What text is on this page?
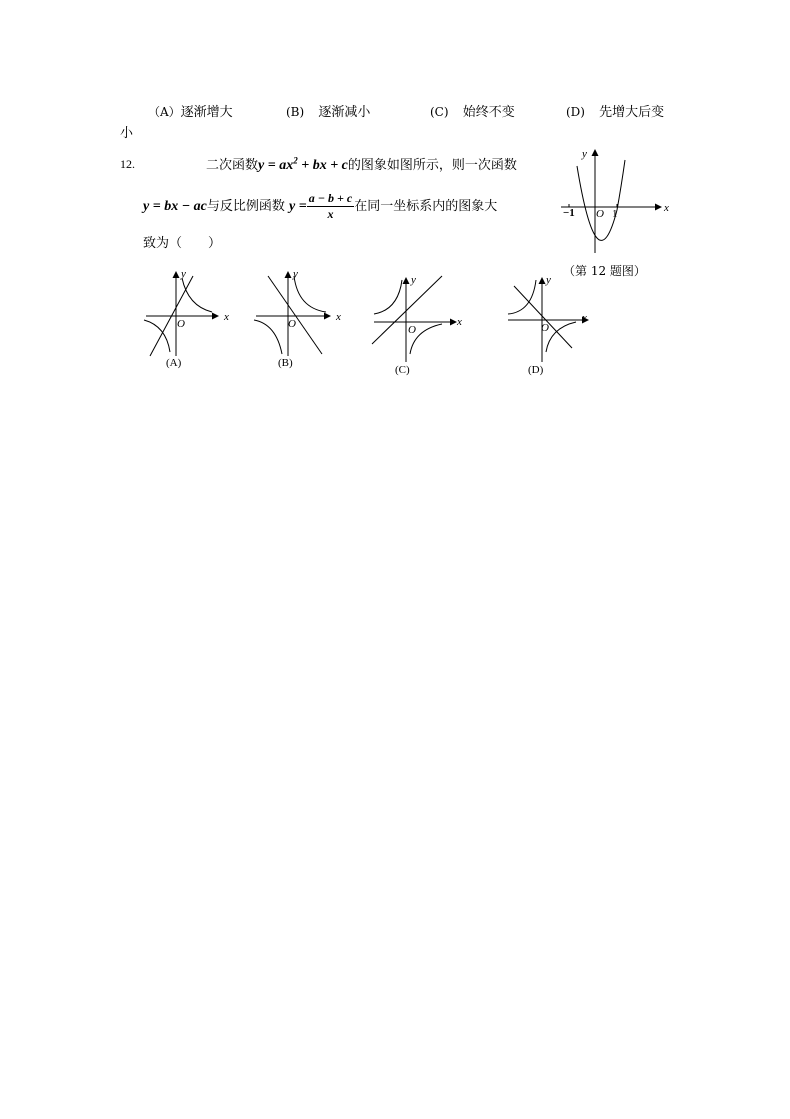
（A）逐渐增大	(B) 逐渐减小	(C) 始终不变	(D) 先增大后变
小
12.	二次函数$y = ax^2$ + bx + c的图象如图所示，则一次函数
y = bx − ac与反比例函数 $y = \frac{a - b + c}{x}$ 在同一坐标系内的图象大
致为（　　）
y
x
−1 O 1
（第 12 题图）
y
x
O
(A)
y
x
O
(B)
y
x
O
(C)
y
x
O
(D)
